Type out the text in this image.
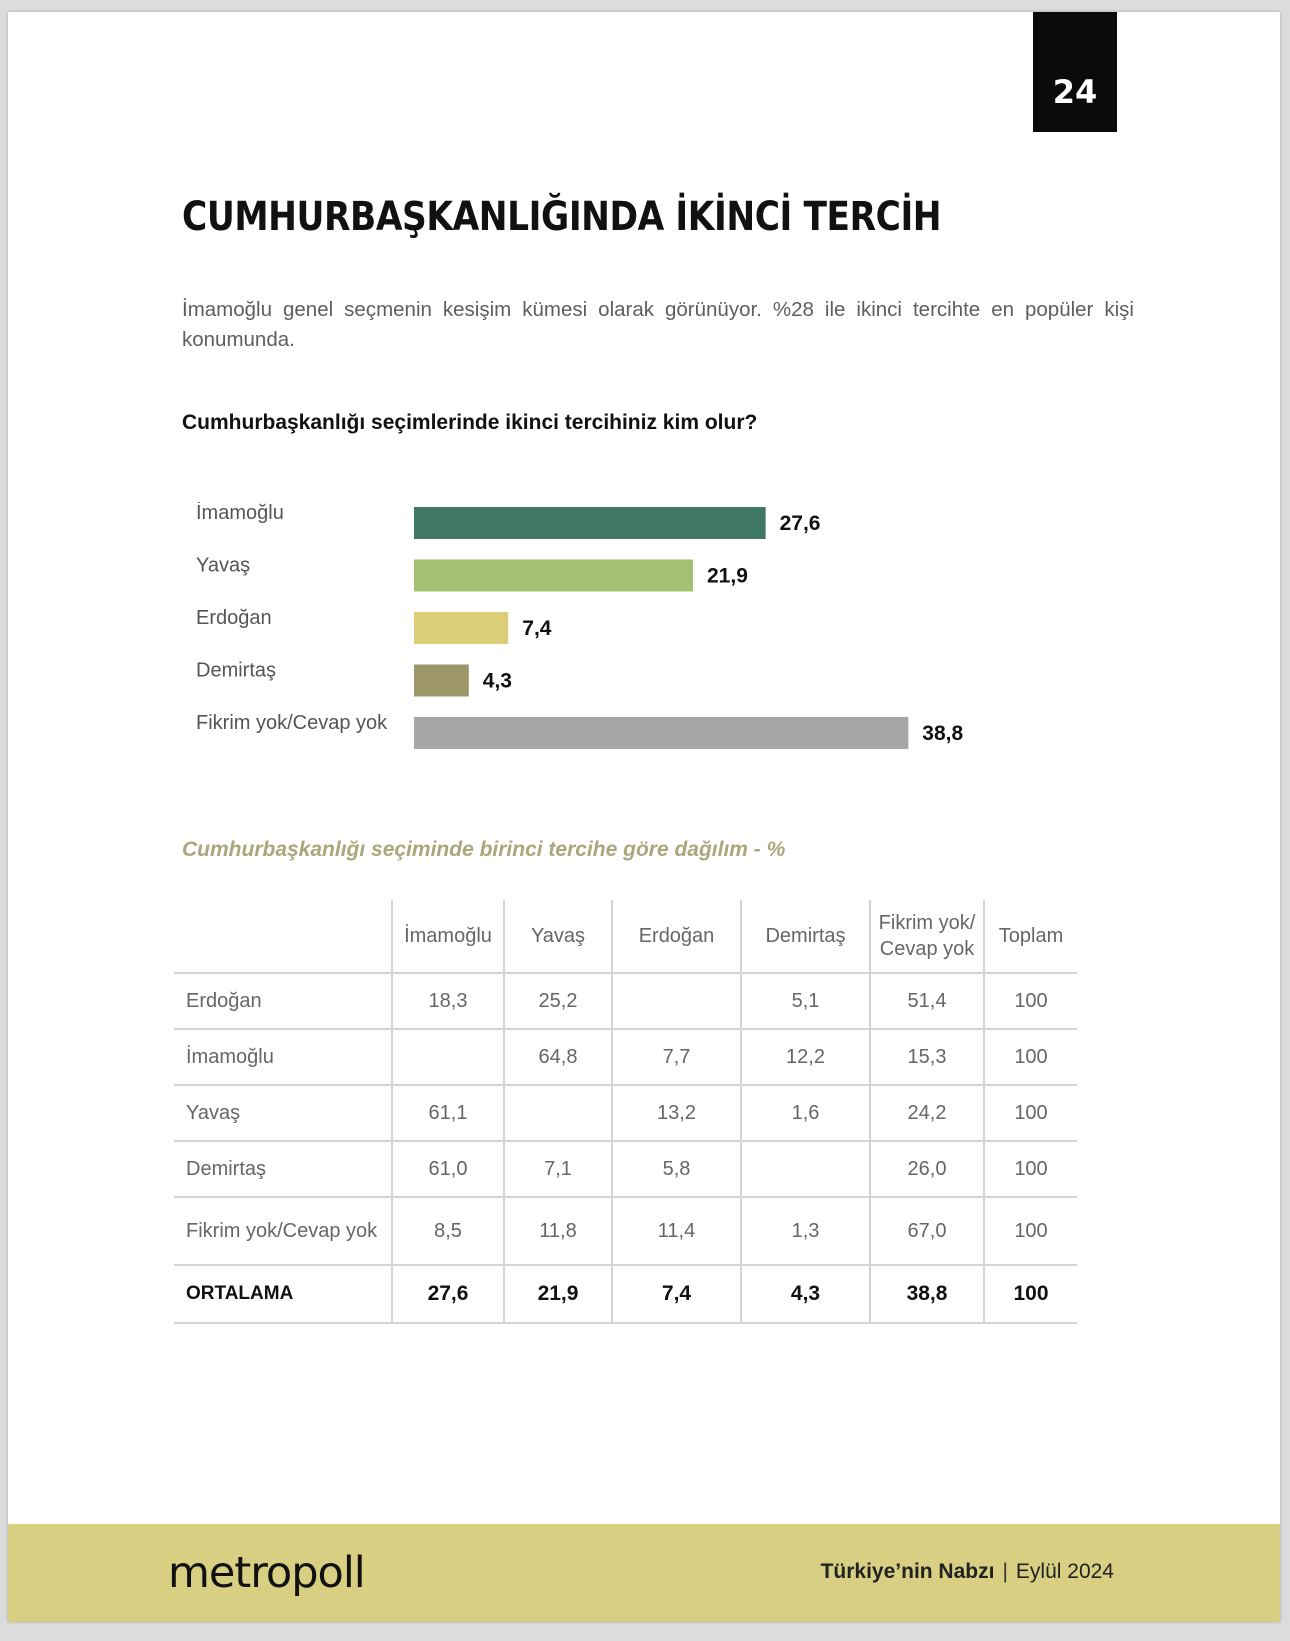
24
CUMHURBAŞKANLIĞINDA İKİNCİ TERCİH
İmamoğlu genel seçmenin kesişim kümesi olarak görünüyor. %28 ile ikinci tercihte en popüler kişi konumunda.
Cumhurbaşkanlığı seçimlerinde ikinci tercihiniz kim olur?
İmamoğlu	27,6
Yavaş	21,9
Erdoğan	7,4
Demirtaş	4,3
Fikrim yok/Cevap yok	38,8
Cumhurbaşkanlığı seçiminde birinci tercihe göre dağılım - %
	İmamoğlu	Yavaş	Erdoğan	Demirtaş	Fikrim yok/ Cevap yok	Toplam
Erdoğan	18,3	25,2		5,1	51,4	100
İmamoğlu		64,8	7,7	12,2	15,3	100
Yavaş	61,1		13,2	1,6	24,2	100
Demirtaş	61,0	7,1	5,8		26,0	100
Fikrim yok/Cevap yok	8,5	11,8	11,4	1,3	67,0	100
ORTALAMA	27,6	21,9	7,4	4,3	38,8	100
metropoll	Türkiye’nin Nabzı | Eylül 2024
